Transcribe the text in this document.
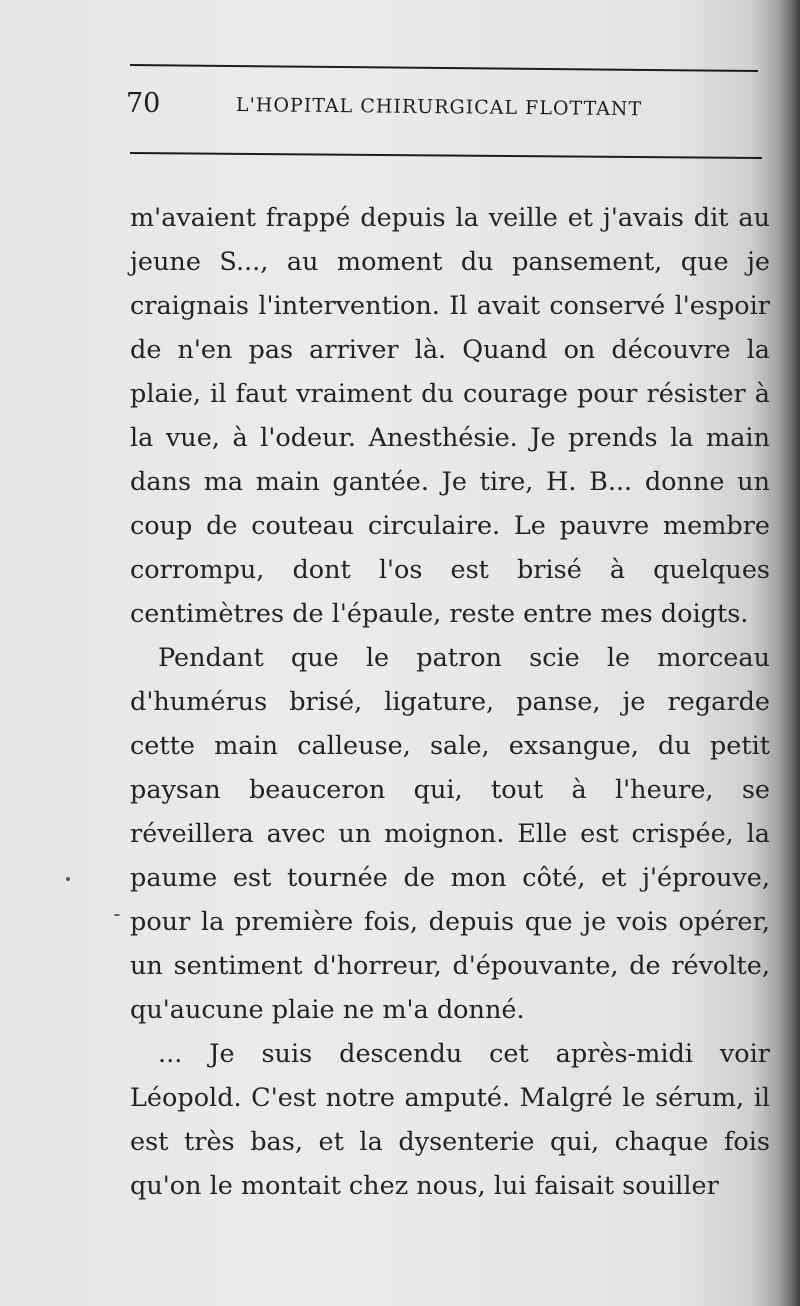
70	L'HOPITAL CHIRURGICAL FLOTTANT

m'avaient frappé depuis la veille et j'avais dit au jeune S..., au moment du pansement, que je craignais l'intervention. Il avait conservé l'espoir de n'en pas arriver là. Quand on découvre la plaie, il faut vraiment du courage pour résister à la vue, à l'odeur. Anesthésie. Je prends la main dans ma main gantée. Je tire, H. B... donne un coup de couteau circulaire. Le pauvre membre corrompu, dont l'os est brisé à quelques centimètres de l'épaule, reste entre mes doigts.

Pendant que le patron scie le morceau d'humérus brisé, ligature, panse, je regarde cette main calleuse, sale, exsangue, du petit paysan beauceron qui, tout à l'heure, se réveillera avec un moignon. Elle est crispée, la paume est tournée de mon côté, et j'éprouve, pour la première fois, depuis que je vois opérer, un sentiment d'horreur, d'épouvante, de révolte, qu'aucune plaie ne m'a donné.

... Je suis descendu cet après-midi voir Léopold. C'est notre amputé. Malgré le sérum, il est très bas, et la dysenterie qui, chaque fois qu'on le montait chez nous, lui faisait souiller
